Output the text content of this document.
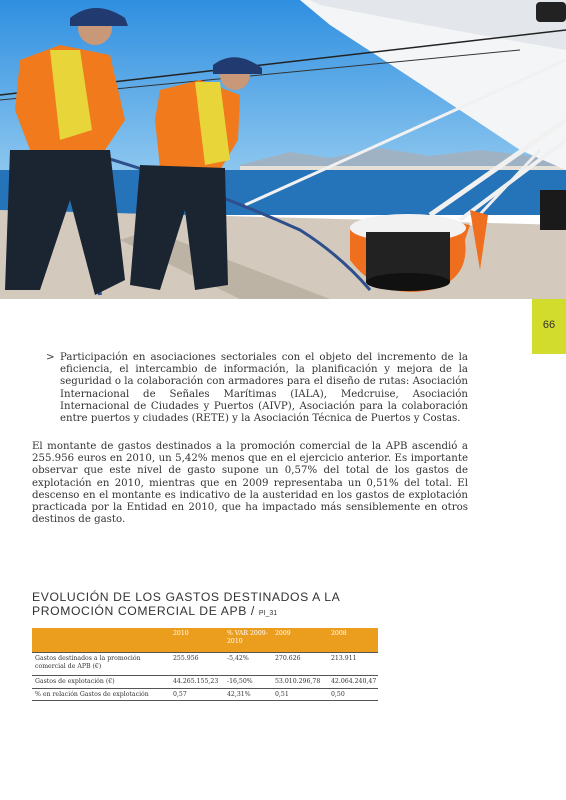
66
> Participación en asociaciones sectoriales con el objeto del incremento de la eficiencia, el intercambio de información, la planificación y mejora de la seguridad o la colaboración con armadores para el diseño de rutas: Asociación Internacional de Señales Marítimas (IALA), Medcruise, Asociación Internacional de Ciudades y Puertos (AIVP), Asociación para la colaboración entre puertos y ciudades (RETE) y la Asociación Técnica de Puertos y Costas.

El montante de gastos destinados a la promoción comercial de la APB ascendió a 255.956 euros en 2010, un 5,42% menos que en el ejercicio anterior. Es importante observar que este nivel de gasto supone un 0,57% del total de los gastos de explotación en 2010, mientras que en 2009 representaba un 0,51% del total. El descenso en el montante es indicativo de la austeridad en los gastos de explotación practicada por la Entidad en 2010, que ha impactado más sensiblemente en otros destinos de gasto.

EVOLUCIÓN DE LOS GASTOS DESTINADOS A LA
PROMOCIÓN COMERCIAL DE APB / PI_31
	2010	% VAR 2009-2010	2009	2008
Gastos destinados a la promoción comercial de APB (€)	255.956	-5,42%	270.626	213.911
Gastos de explotación (€)	44.265.155,23	-16,50%	53.010.296,78	42.064.240,47
% en relación Gastos de explotación	0,57	42,31%	0,51	0,50
